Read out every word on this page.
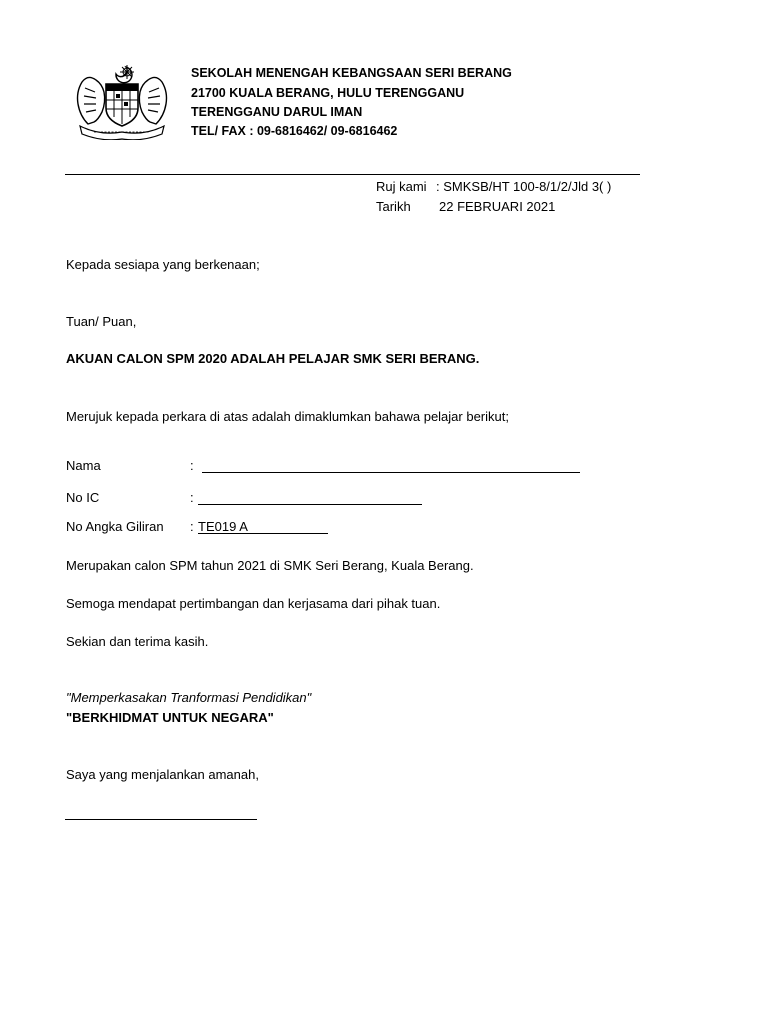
SEKOLAH MENENGAH KEBANGSAAN SERI BERANG
21700 KUALA BERANG, HULU TERENGGANU
TERENGGANU DARUL IMAN
TEL/ FAX : 09-6816462/ 09-6816462
Ruj kami : SMKSB/HT 100-8/1/2/Jld 3( )
Tarikh 22 FEBRUARI 2021
Kepada sesiapa yang berkenaan;
Tuan/ Puan,
AKUAN CALON SPM 2020 ADALAH PELAJAR SMK SERI BERANG.
Merujuk kepada perkara di atas adalah dimaklumkan bahawa pelajar berikut;
Nama	:
No IC	:
No Angka Giliran : TE019 A
Merupakan calon SPM tahun 2021 di SMK Seri Berang, Kuala Berang.
Semoga mendapat pertimbangan dan kerjasama dari pihak tuan.
Sekian dan terima kasih.
"Memperkasakan Tranformasi Pendidikan"
"BERKHIDMAT UNTUK NEGARA"
Saya yang menjalankan amanah,
